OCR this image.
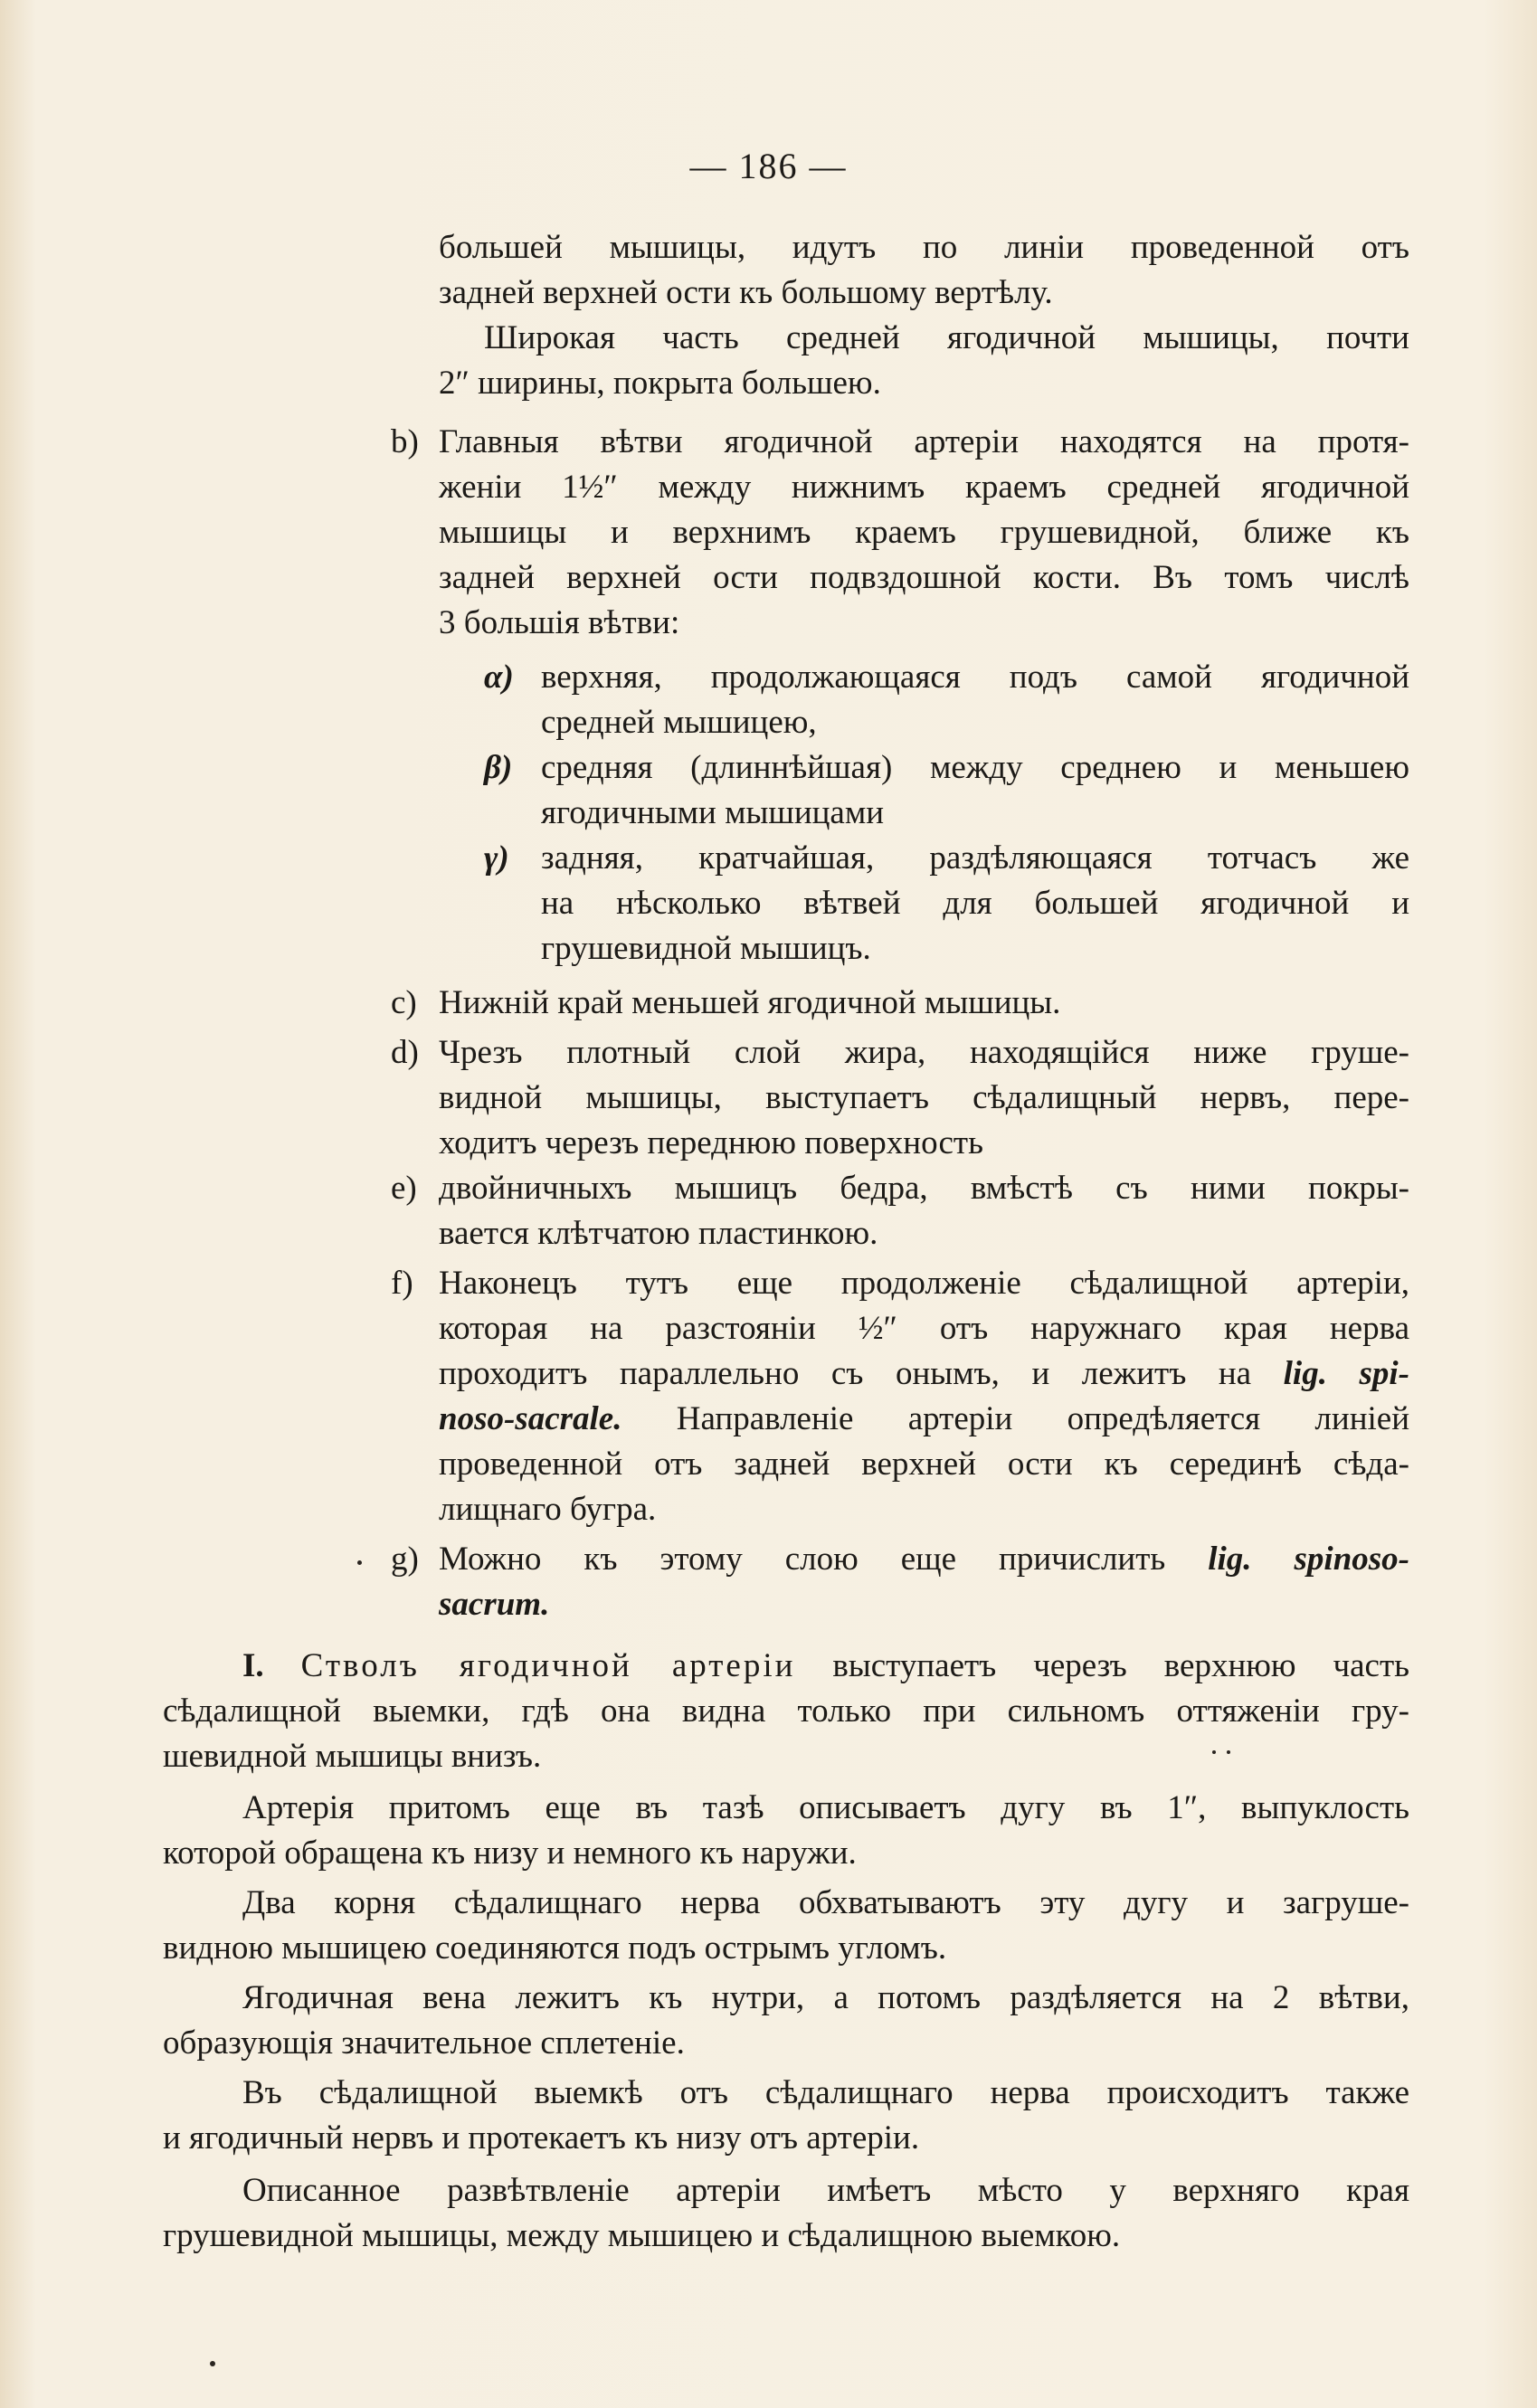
— 186 —
большей мышицы, идутъ по линіи проведенной отъ
задней верхней ости къ большому вертѣлу.
Широкая часть средней ягодичной мышицы, почти
2″ ширины, покрыта большею.
b) Главныя вѣтви ягодичной артеріи находятся на протя-
женіи 1½″ между нижнимъ краемъ средней ягодичной
мышицы и верхнимъ краемъ грушевидной, ближе къ
задней верхней ости подвздошной кости. Въ томъ числѣ
3 большія вѣтви:
α) верхняя, продолжающаяся подъ самой ягодичной
средней мышицею,
β) средняя (длиннѣйшая) между среднею и меньшею
ягодичными мышицами
γ) задняя, кратчайшая, раздѣляющаяся тотчасъ же
на нѣсколько вѣтвей для большей ягодичной и
грушевидной мышицъ.
c) Нижній край меньшей ягодичной мышицы.
d) Чрезъ плотный слой жира, находящійся ниже груше-
видной мышицы, выступаетъ сѣдалищный нервъ, пере-
ходитъ черезъ переднюю поверхность
e) двойничныхъ мышицъ бедра, вмѣстѣ съ ними покры-
вается клѣтчатою пластинкою.
f) Наконецъ тутъ еще продолженіе сѣдалищной артеріи,
которая на разстояніи ½″ отъ наружнаго края нерва
проходитъ параллельно съ онымъ, и лежитъ на lig. spi-
noso-sacrale. Направленіе артеріи опредѣляется линіей
проведенной отъ задней верхней ости къ серединѣ сѣда-
лищнаго бугра.
g) Можно къ этому слою еще причислить lig. spinoso-
sacrum.
I. Стволъ ягодичной артеріи выступаетъ черезъ верхнюю часть
сѣдалищной выемки, гдѣ она видна только при сильномъ оттяженіи гру-
шевидной мышицы внизъ.
Артерія притомъ еще въ тазѣ описываетъ дугу въ 1″, выпуклость
которой обращена къ низу и немного къ наружи.
Два корня сѣдалищнаго нерва обхватываютъ эту дугу и загруше-
видною мышицею соединяются подъ острымъ угломъ.
Ягодичная вена лежитъ къ нутри, а потомъ раздѣляется на 2 вѣтви,
образующія значительное сплетеніе.
Въ сѣдалищной выемкѣ отъ сѣдалищнаго нерва происходитъ также
и ягодичный нервъ и протекаетъ къ низу отъ артеріи.
Описанное развѣтвленіе артеріи имѣетъ мѣсто у верхняго края
грушевидной мышицы, между мышицею и сѣдалищною выемкою.
